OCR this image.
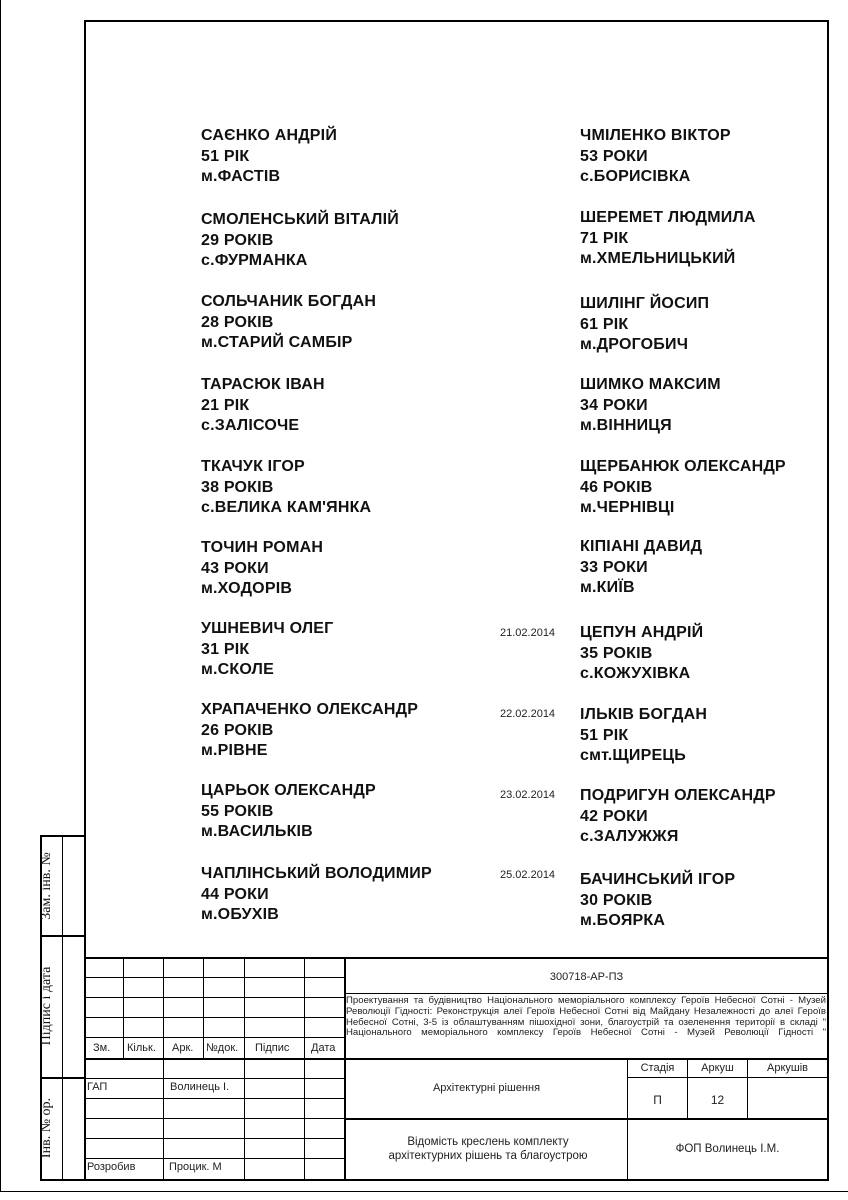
Зам. інв. №
Підпис і дата
Інв. № ор.
САЄНКО АНДРІЙ
51 РІК
м.ФАСТІВ
СМОЛЕНСЬКИЙ ВІТАЛІЙ
29 РОКІВ
с.ФУРМАНКА
СОЛЬЧАНИК БОГДАН
28 РОКІВ
м.СТАРИЙ САМБІР
ТАРАСЮК ІВАН
21 РІК
с.ЗАЛІСОЧЕ
ТКАЧУК ІГОР
38 РОКІВ
с.ВЕЛИКА КАМ'ЯНКА
ТОЧИН РОМАН
43 РОКИ
м.ХОДОРІВ
УШНЕВИЧ ОЛЕГ
31 РІК
м.СКОЛЕ
ХРАПАЧЕНКО ОЛЕКСАНДР
26 РОКІВ
м.РІВНЕ
ЦАРЬОК ОЛЕКСАНДР
55 РОКІВ
м.ВАСИЛЬКІВ
ЧАПЛІНСЬКИЙ ВОЛОДИМИР
44 РОКИ
м.ОБУХІВ
ЧМІЛЕНКО ВІКТОР
53 РОКИ
с.БОРИСІВКА
ШЕРЕМЕТ ЛЮДМИЛА
71 РІК
м.ХМЕЛЬНИЦЬКИЙ
ШИЛІНГ ЙОСИП
61 РІК
м.ДРОГОБИЧ
ШИМКО МАКСИМ
34 РОКИ
м.ВІННИЦЯ
ЩЕРБАНЮК ОЛЕКСАНДР
46 РОКІВ
м.ЧЕРНІВЦІ
КІПІАНІ ДАВИД
33 РОКИ
м.КИЇВ
ЦЕПУН АНДРІЙ
35 РОКІВ
с.КОЖУХІВКА
ІЛЬКІВ БОГДАН
51 РІК
смт.ЩИРЕЦЬ
ПОДРИГУН ОЛЕКСАНДР
42 РОКИ
с.ЗАЛУЖЖЯ
БАЧИНСЬКИЙ ІГОР
30 РОКІВ
м.БОЯРКА
21.02.2014
22.02.2014
23.02.2014
25.02.2014
Зм. Кільк. Арк. №док. Підпис Дата
ГАП	Волинець І.
Розробив	Процик. М
300718-АР-ПЗ
Проектування та будівництво Національного меморіального комплексу Героїв Небесної Сотні - Музей Революції Гідності: Реконструкція алеї Героїв Небесної Сотні від Майдану Незалежності до алеї Героїв Небесної Сотні, 3-5 із облаштуванням пішохідної зони, благоустрій та озеленення території в складі " Національного меморіального комплексу Героїв Небесної Сотні - Музей Революції Гідності "
Архітектурні рішення
Стадія	Аркуш	Аркушів
П	12
Відомість креслень комплекту архітектурних рішень та благоустрою
ФОП Волинець І.М.
